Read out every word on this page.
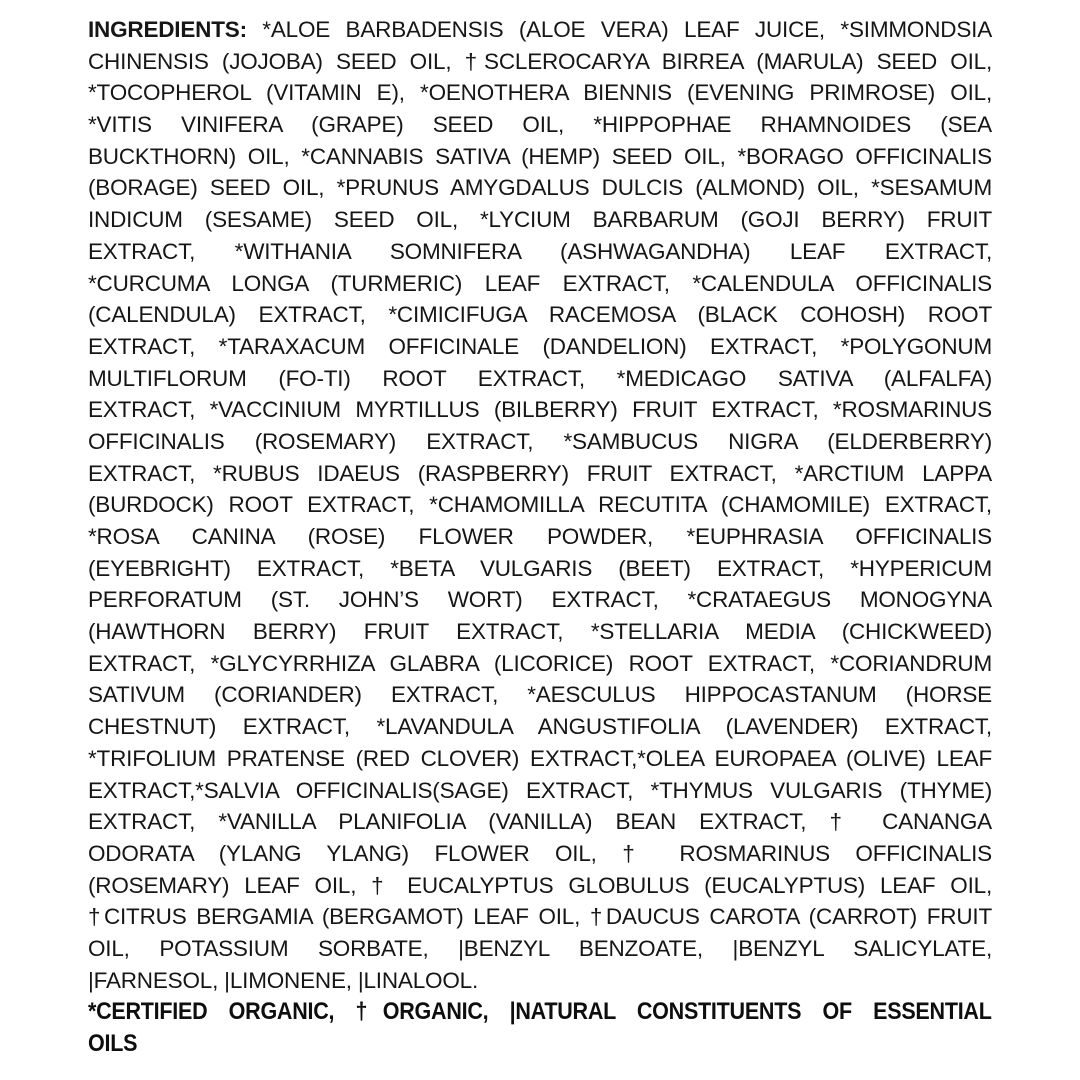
INGREDIENTS: *ALOE BARBADENSIS (ALOE VERA) LEAF JUICE, *SIMMONDSIA
CHINENSIS (JOJOBA) SEED OIL, †SCLEROCARYA BIRREA (MARULA) SEED OIL,
*TOCOPHEROL (VITAMIN E), *OENOTHERA BIENNIS (EVENING PRIMROSE) OIL,
*VITIS VINIFERA (GRAPE) SEED OIL, *HIPPOPHAE RHAMNOIDES (SEA
BUCKTHORN) OIL, *CANNABIS SATIVA (HEMP) SEED OIL, *BORAGO OFFICINALIS
(BORAGE) SEED OIL, *PRUNUS AMYGDALUS DULCIS (ALMOND) OIL, *SESAMUM
INDICUM (SESAME) SEED OIL, *LYCIUM BARBARUM (GOJI BERRY) FRUIT
EXTRACT, *WITHANIA SOMNIFERA (ASHWAGANDHA) LEAF EXTRACT,
*CURCUMA LONGA (TURMERIC) LEAF EXTRACT, *CALENDULA OFFICINALIS
(CALENDULA) EXTRACT, *CIMICIFUGA RACEMOSA (BLACK COHOSH) ROOT
EXTRACT, *TARAXACUM OFFICINALE (DANDELION) EXTRACT, *POLYGONUM
MULTIFLORUM (FO-TI) ROOT EXTRACT, *MEDICAGO SATIVA (ALFALFA)
EXTRACT, *VACCINIUM MYRTILLUS (BILBERRY) FRUIT EXTRACT, *ROSMARINUS
OFFICINALIS (ROSEMARY) EXTRACT, *SAMBUCUS NIGRA (ELDERBERRY)
EXTRACT, *RUBUS IDAEUS (RASPBERRY) FRUIT EXTRACT, *ARCTIUM LAPPA
(BURDOCK) ROOT EXTRACT, *CHAMOMILLA RECUTITA (CHAMOMILE) EXTRACT,
*ROSA CANINA (ROSE) FLOWER POWDER, *EUPHRASIA OFFICINALIS
(EYEBRIGHT) EXTRACT, *BETA VULGARIS (BEET) EXTRACT, *HYPERICUM
PERFORATUM (ST. JOHN’S WORT) EXTRACT, *CRATAEGUS MONOGYNA
(HAWTHORN BERRY) FRUIT EXTRACT, *STELLARIA MEDIA (CHICKWEED)
EXTRACT, *GLYCYRRHIZA GLABRA (LICORICE) ROOT EXTRACT, *CORIANDRUM
SATIVUM (CORIANDER) EXTRACT, *AESCULUS HIPPOCASTANUM (HORSE
CHESTNUT) EXTRACT, *LAVANDULA ANGUSTIFOLIA (LAVENDER) EXTRACT,
*TRIFOLIUM PRATENSE (RED CLOVER) EXTRACT,*OLEA EUROPAEA (OLIVE) LEAF
EXTRACT,*SALVIA OFFICINALIS(SAGE) EXTRACT, *THYMUS VULGARIS (THYME)
EXTRACT, *VANILLA PLANIFOLIA (VANILLA) BEAN EXTRACT, † CANANGA
ODORATA (YLANG YLANG) FLOWER OIL, † ROSMARINUS OFFICINALIS
(ROSEMARY) LEAF OIL, † EUCALYPTUS GLOBULUS (EUCALYPTUS) LEAF OIL,
†CITRUS BERGAMIA (BERGAMOT) LEAF OIL, †DAUCUS CAROTA (CARROT) FRUIT
OIL, POTASSIUM SORBATE, |BENZYL BENZOATE, |BENZYL SALICYLATE,
|FARNESOL, |LIMONENE, |LINALOOL.
*CERTIFIED ORGANIC, †ORGANIC, |NATURAL CONSTITUENTS OF ESSENTIAL
OILS
